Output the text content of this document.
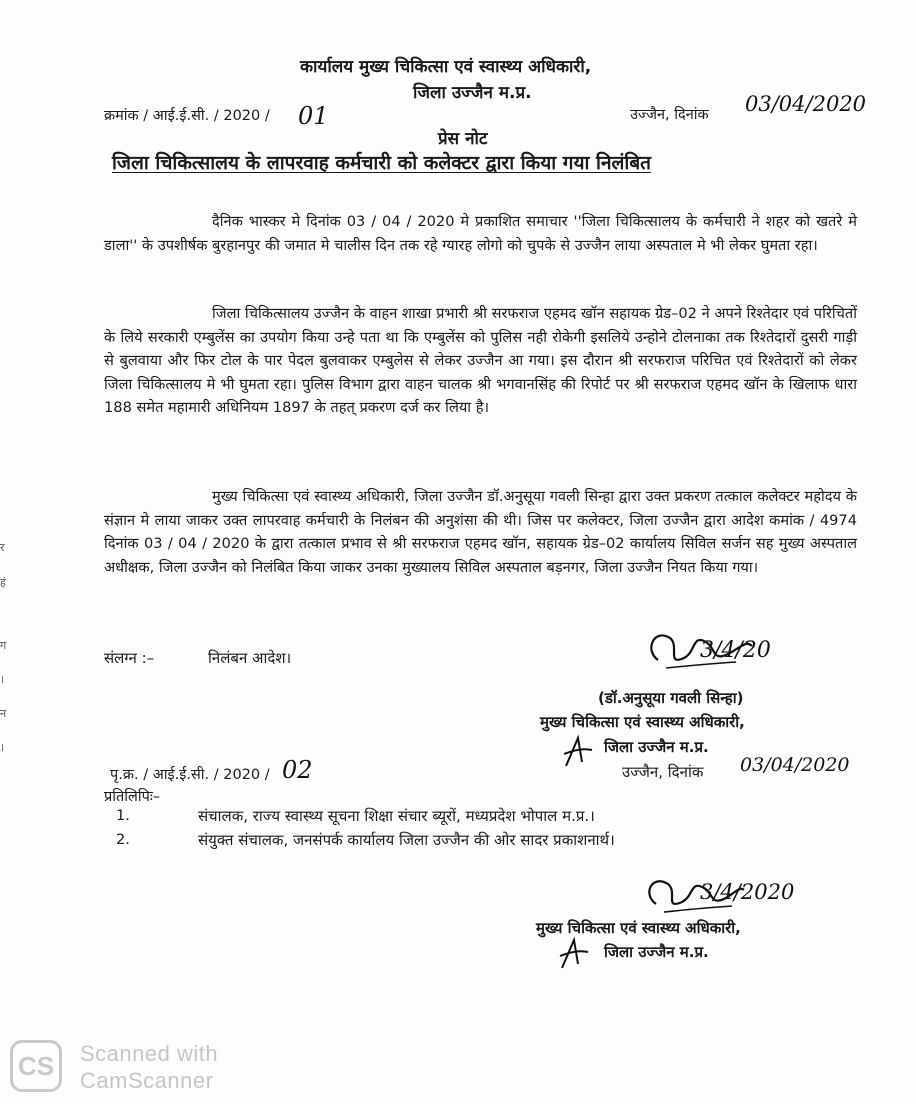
कार्यालय मुख्य चिकित्सा एवं स्वास्थ्य अधिकारी,
जिला उज्जैन म.प्र.
क्रमांक / आई.ई.सी. / 2020 / 01	उज्जैन, दिनांक 03/04/2020
प्रेस नोट
जिला चिकित्सालय के लापरवाह कर्मचारी को कलेक्टर द्वारा किया गया निलंबित
दैनिक भास्कर मे दिनांक 03 / 04 / 2020 मे प्रकाशित समाचार ''जिला चिकित्सालय के कर्मचारी ने शहर को खतरे मे डाला'' के उपशीर्षक बुरहानपुर की जमात मे चालीस दिन तक रहे ग्यारह लोगो को चुपके से उज्जैन लाया अस्पताल मे भी लेकर घुमता रहा।
जिला चिकित्सालय उज्जैन के वाहन शाखा प्रभारी श्री सरफराज एहमद खॉन सहायक ग्रेड–02 ने अपने रिश्तेदार एवं परिचितों के लिये सरकारी एम्बुलेंस का उपयोग किया उन्हे पता था कि एम्बुलेंस को पुलिस नही रोकेगी इसलिये उन्होने टोलनाका तक रिश्तेदारों दुसरी गाड़ी से बुलवाया और फिर टोल के पार पेदल बुलवाकर एम्बुलेस से लेकर उज्जैन आ गया। इस दौरान श्री सरफराज परिचित एवं रिश्तेदारों को लेकर जिला चिकित्सालय मे भी घुमता रहा। पुलिस विभाग द्वारा वाहन चालक श्री भगवानसिंह की रिपोर्ट पर श्री सरफराज एहमद खॉन के खिलाफ धारा 188 समेत महामारी अधिनियम 1897 के तहत् प्रकरण दर्ज कर लिया है।
मुख्य चिकित्सा एवं स्वास्थ्य अधिकारी, जिला उज्जैन डॉ.अनुसूया गवली सिन्हा द्वारा उक्त प्रकरण तत्काल कलेक्टर महोदय के संज्ञान मे लाया जाकर उक्त लापरवाह कर्मचारी के निलंबन की अनुशंसा की थी। जिस पर कलेक्टर, जिला उज्जैन द्वारा आदेश कमांक / 4974 दिनांक 03 / 04 / 2020 के द्वारा तत्काल प्रभाव से श्री सरफराज एहमद खॉन, सहायक ग्रेड–02 कार्यालय सिविल सर्जन सह मुख्य अस्पताल अधीक्षक, जिला उज्जैन को निलंबित किया जाकर उनका मुख्यालय सिविल अस्पताल बड़नगर, जिला उज्जैन नियत किया गया।
संलग्न :–	निलंबन आदेश।	3/4/20
(डॉ.अनुसूया गवली सिन्हा)
मुख्य चिकित्सा एवं स्वास्थ्य अधिकारी,
जिला उज्जैन म.प्र.
उज्जैन, दिनांक 03/04/2020
पृ.क्र. / आई.ई.सी. / 2020 / 02
प्रतिलिपिः–
1.	संचालक, राज्य स्वास्थ्य सूचना शिक्षा संचार ब्यूरों, मध्यप्रदेश भोपाल म.प्र.।
2.	संयुक्त संचालक, जनसंपर्क कार्यालय जिला उज्जैन की ओर सादर प्रकाशनार्थ।
3/4/2020
मुख्य चिकित्सा एवं स्वास्थ्य अधिकारी,
जिला उज्जैन म.प्र.
र
हं
ग
।
न
।
CS	Scanned with
CamScanner
